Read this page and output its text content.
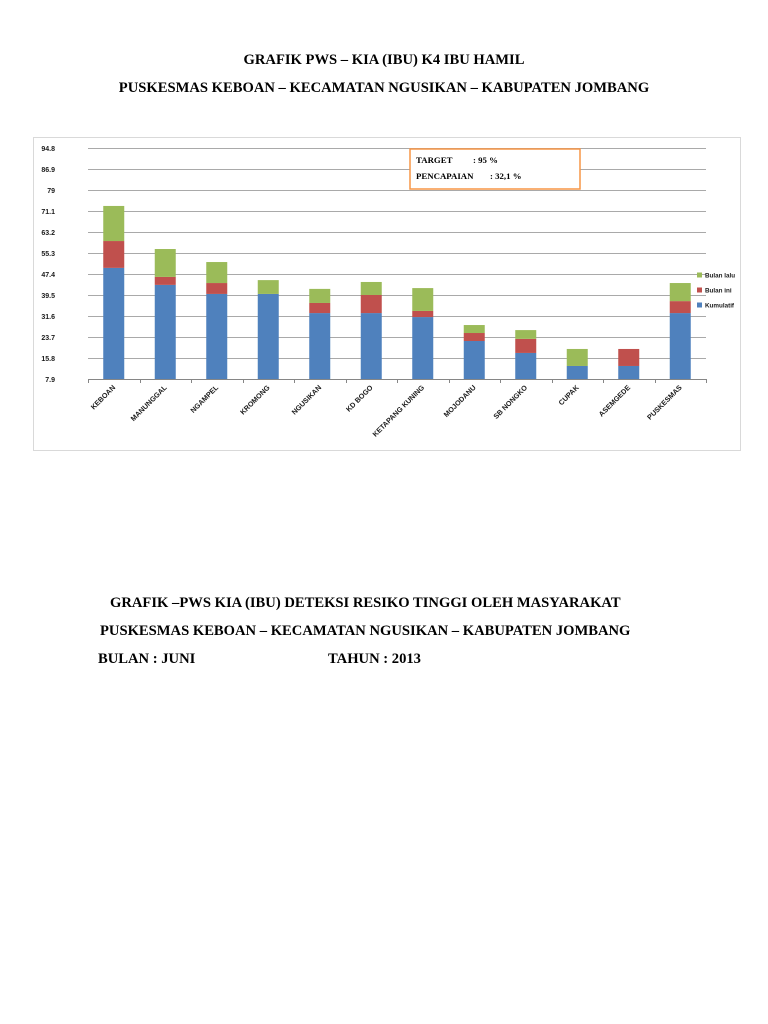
GRAFIK PWS – KIA (IBU) K4 IBU HAMIL
PUSKESMAS KEBOAN – KECAMATAN NGUSIKAN – KABUPATEN JOMBANG
7.9
15.8
23.7
31.6
39.5
47.4
55.3
63.2
71.1
79
86.9
94.8
KEBOAN MANUNGGAL	NGAMPEL	KROMONG	NGUSIKAN	KD BOGO
KETAPANG KUNING MOJODANU SB NONGKO	CUPAK ASEMGEDE PUSKESMAS
Bulan lalu
Bulan ini
Kumulatif
TARGET : 95 %
PENCAPAIAN : 32,1 %
GRAFIK –PWS KIA (IBU) DETEKSI RESIKO TINGGI OLEH MASYARAKAT
PUSKESMAS KEBOAN – KECAMATAN NGUSIKAN – KABUPATEN JOMBANG
BULAN : JUNI	TAHUN : 2013
